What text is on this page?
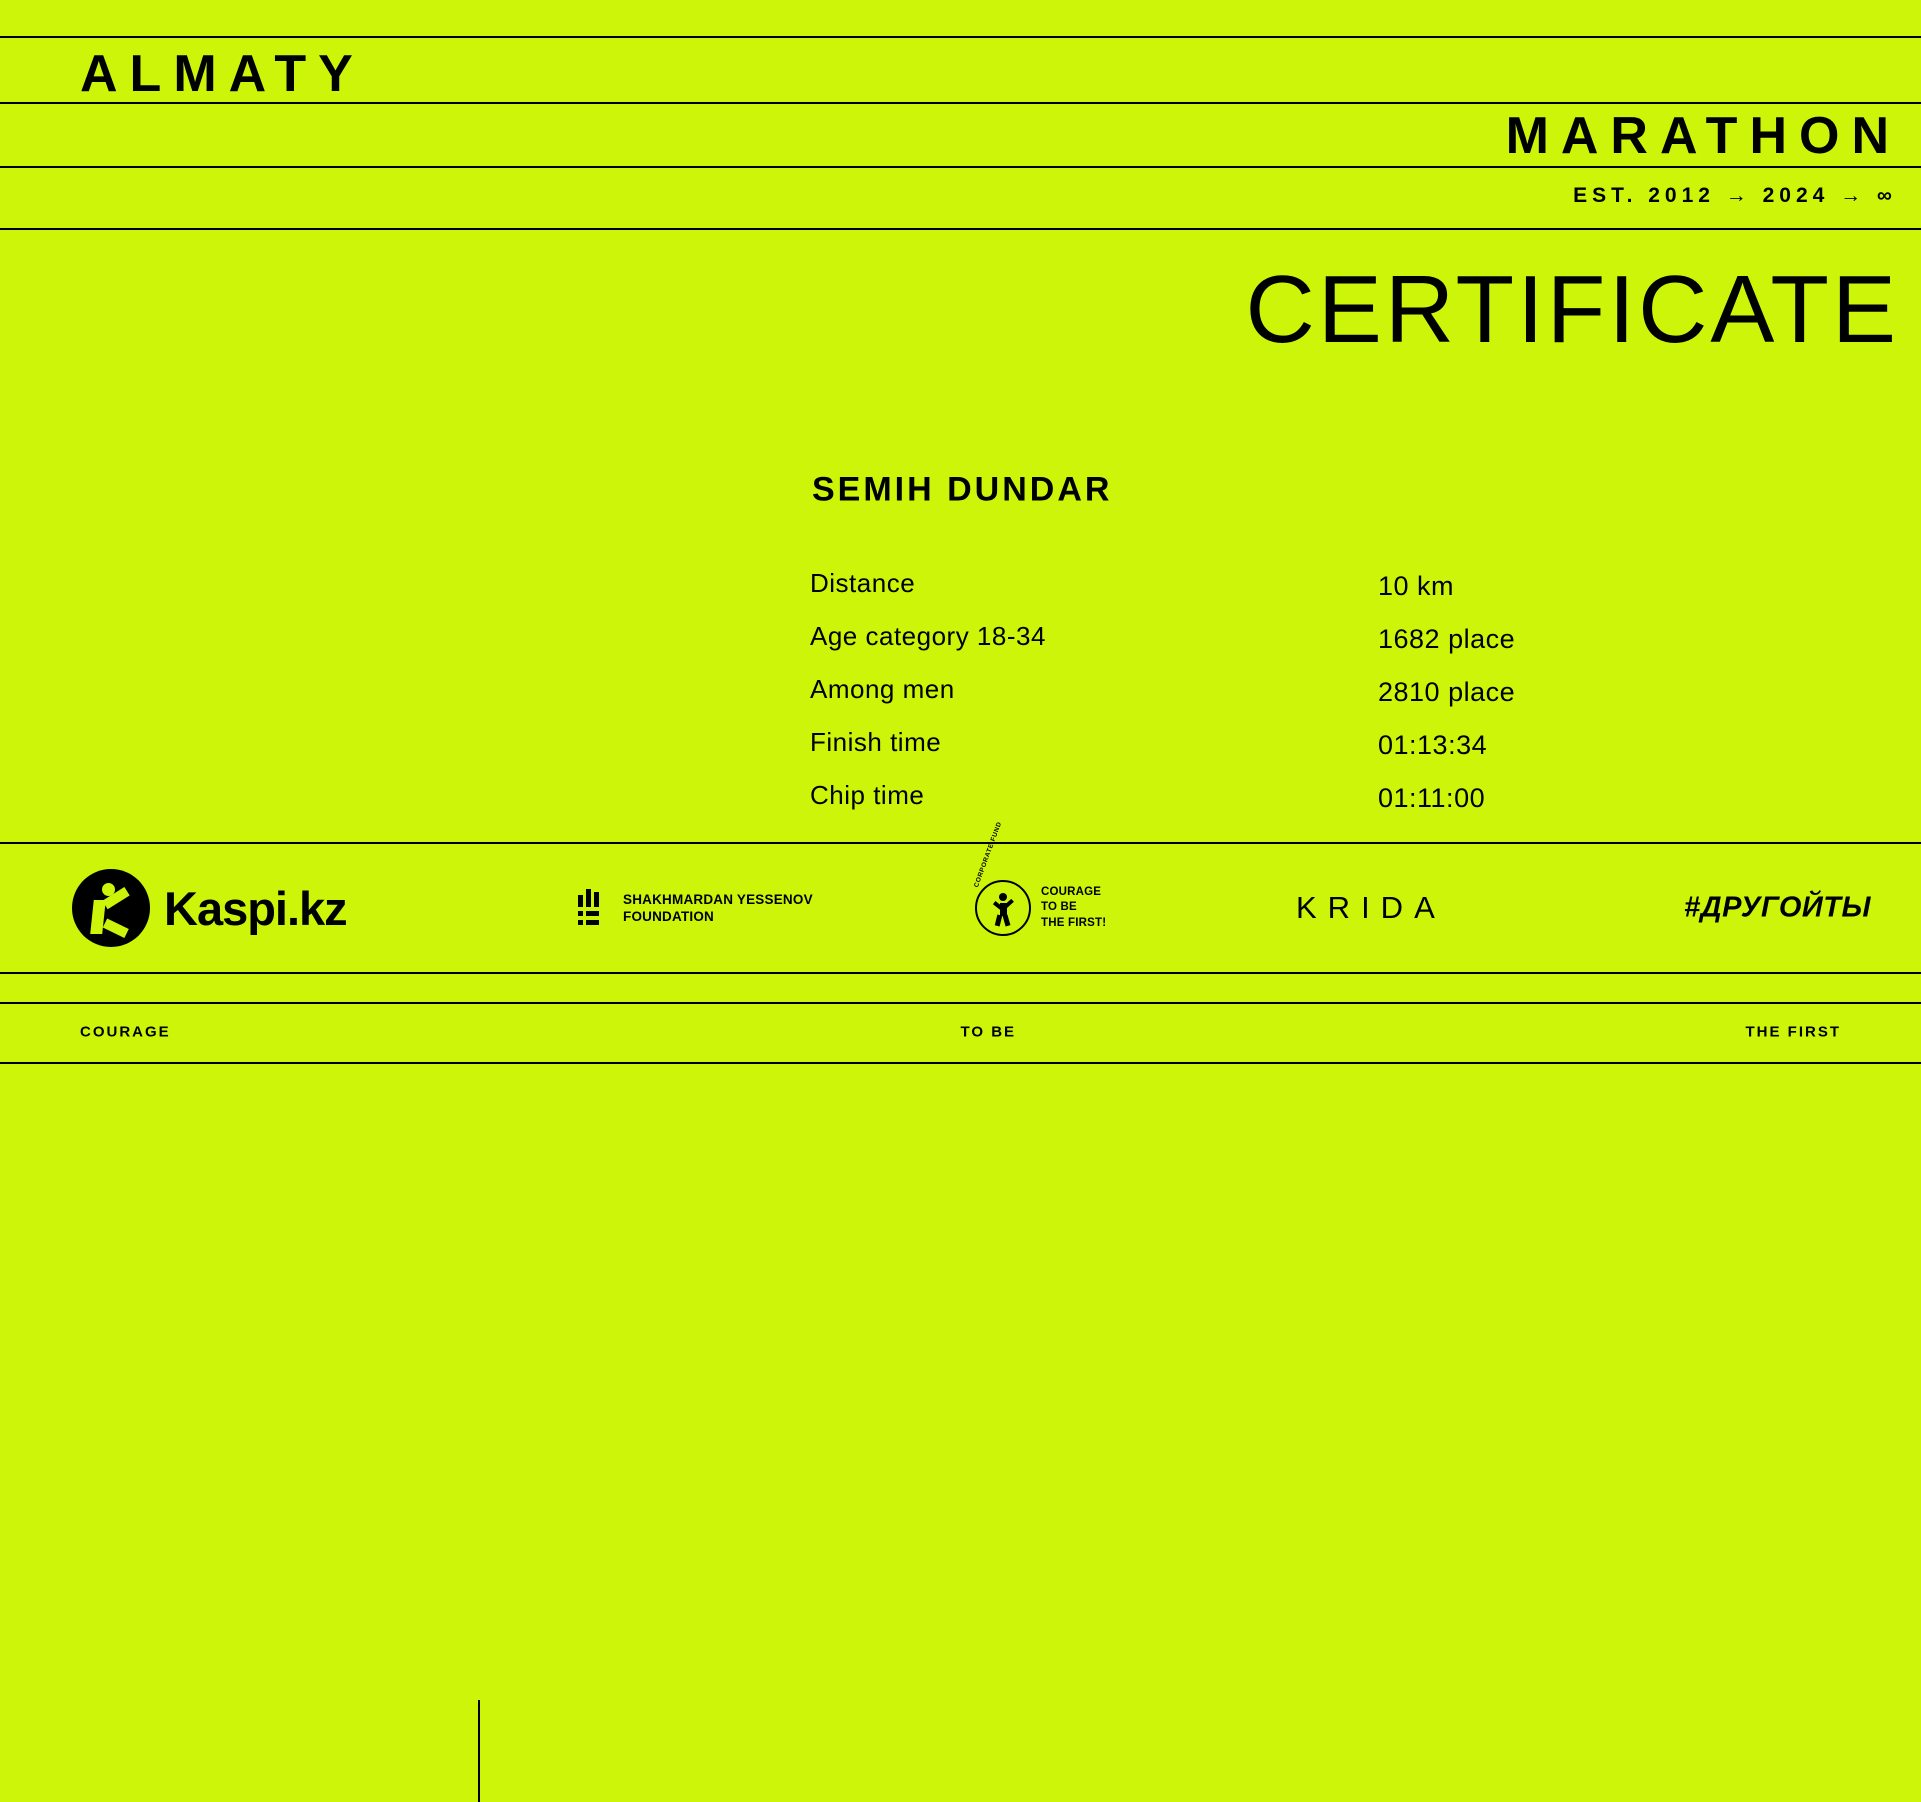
ALMATY
MARATHON
EST. 2012 → 2024 → ∞
CERTIFICATE
SEMIH DUNDAR
Distance	10 km
Age category 18-34	1682 place
Among men	2810 place
Finish time	01:13:34
Chip time	01:11:00
Kaspi.kz	SHAKHMARDAN YESSENOV
FOUNDATION
CORPORATE FUND
COURAGE
TO BE
THE FIRST!	KRIDA	#ДРУГОЙТЫ
COURAGE	TO BE	THE FIRST
